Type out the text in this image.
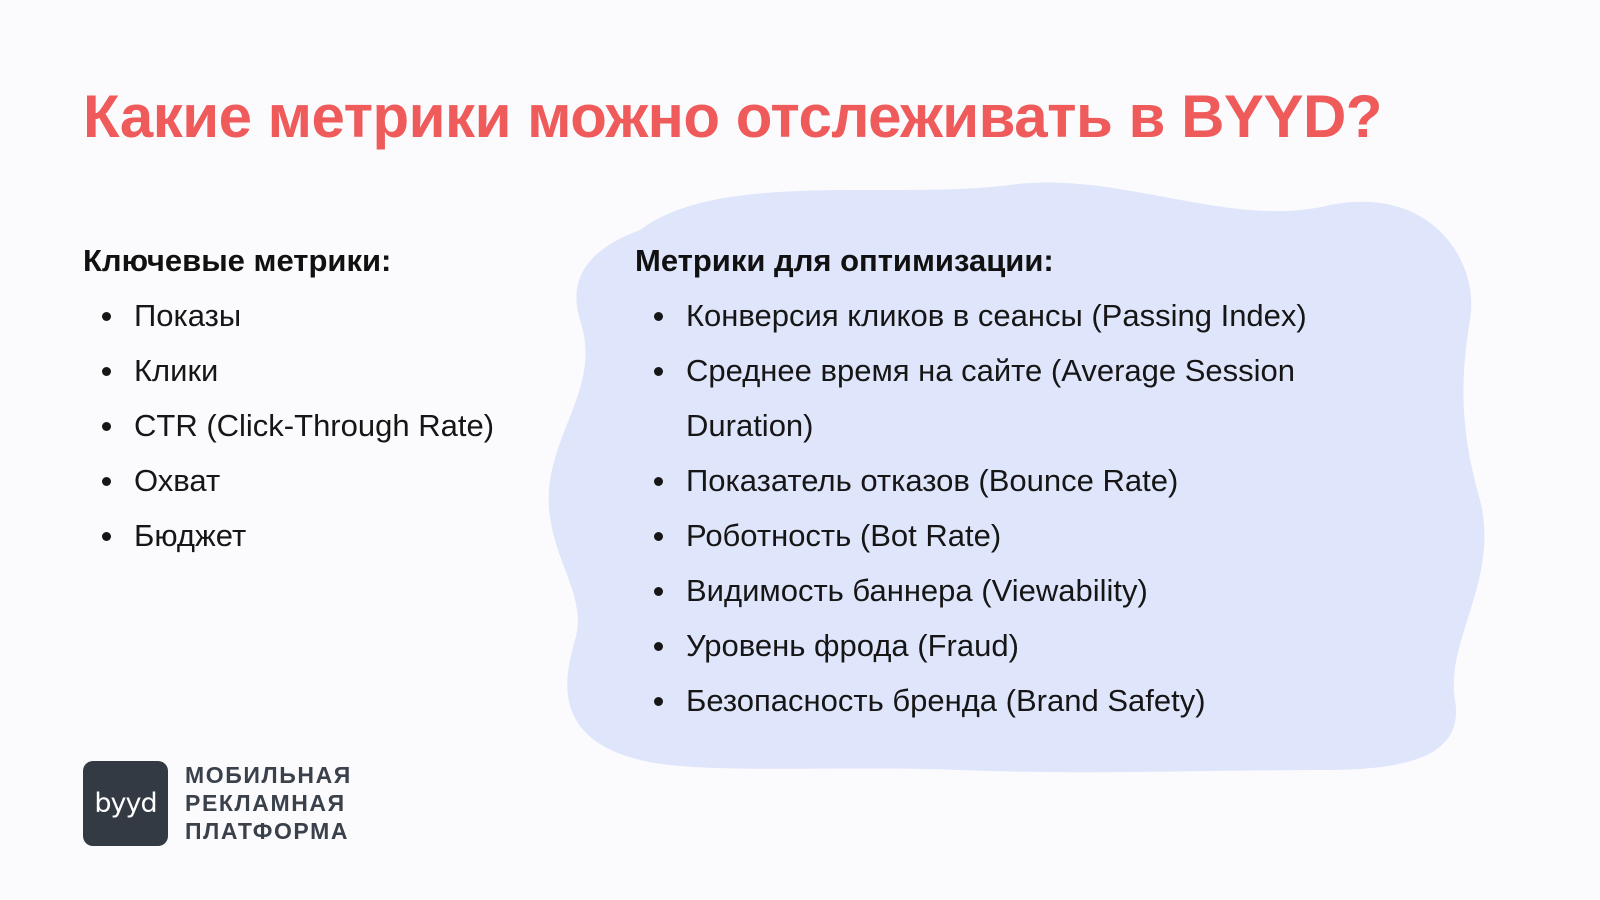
Какие метрики можно отслеживать в BYYD?
Ключевые метрики:
Показы
Клики
CTR (Click-Through Rate)
Охват
Бюджет
Метрики для оптимизации:
Конверсия кликов в сеансы (Passing Index)
Среднее время на сайте (Average Session Duration)
Показатель отказов (Bounce Rate)
Роботность (Bot Rate)
Видимость баннера (Viewability)
Уровень фрода (Fraud)
Безопасность бренда (Brand Safety)
byyd
МОБИЛЬНАЯ
РЕКЛАМНАЯ
ПЛАТФОРМА
